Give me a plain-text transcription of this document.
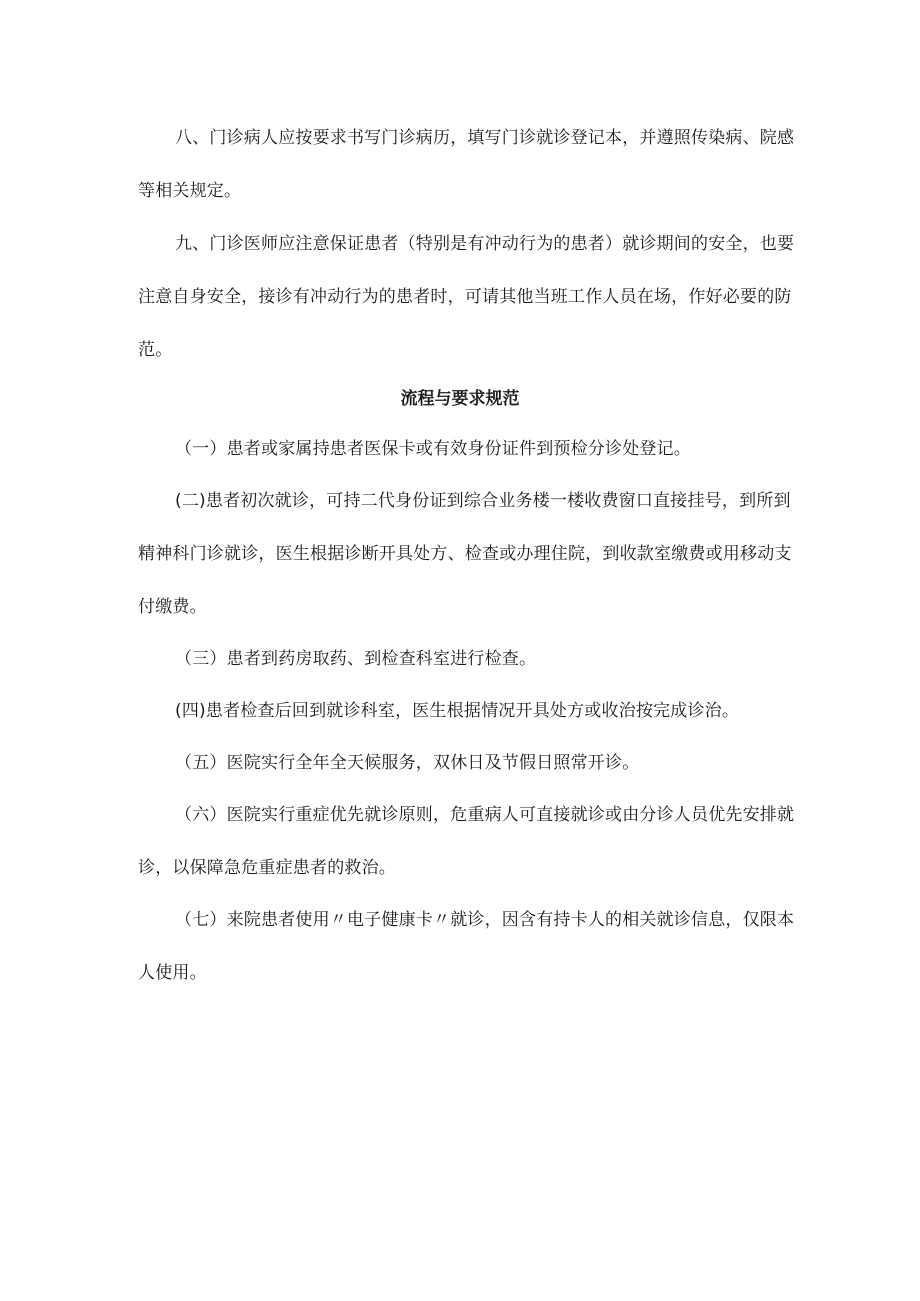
八、门诊病人应按要求书写门诊病历，填写门诊就诊登记本，并遵照传染病、院感等相关规定。

九、门诊医师应注意保证患者（特别是有冲动行为的患者）就诊期间的安全，也要注意自身安全，接诊有冲动行为的患者时，可请其他当班工作人员在场，作好必要的防范。

流程与要求规范

（一）患者或家属持患者医保卡或有效身份证件到预检分诊处登记。

(二)患者初次就诊，可持二代身份证到综合业务楼一楼收费窗口直接挂号，到所到精神科门诊就诊，医生根据诊断开具处方、检查或办理住院，到收款室缴费或用移动支付缴费。

（三）患者到药房取药、到检查科室进行检查。

(四)患者检查后回到就诊科室，医生根据情况开具处方或收治按完成诊治。

（五）医院实行全年全天候服务，双休日及节假日照常开诊。

（六）医院实行重症优先就诊原则，危重病人可直接就诊或由分诊人员优先安排就诊，以保障急危重症患者的救治。

（七）来院患者使用〃电子健康卡〃就诊，因含有持卡人的相关就诊信息，仅限本人使用。
